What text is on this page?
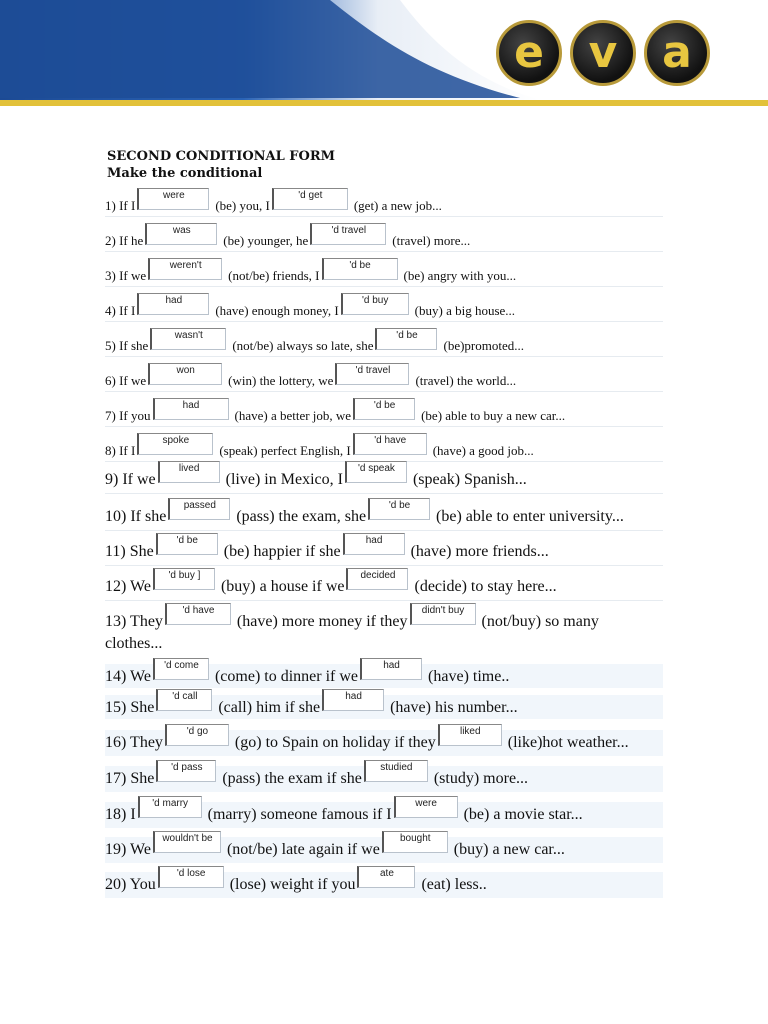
e	v	a
SECOND CONDITIONAL FORM
Make the conditional
1) If I
were
(be) you, I
'd get
(get) a new job...
2) If he
was
(be) younger, he
'd travel
(travel) more...
3) If we
weren't
(not/be) friends, I
'd be
(be) angry with you...
4) If I
had
(have) enough money, I
'd buy
(buy) a big house...
5) If she
wasn't
(not/be) always so late, she
'd be
(be)promoted...
6) If we
won
(win) the lottery, we
'd travel
(travel) the world...
7) If you
had
(have) a better job, we
'd be
(be) able to buy a new car...
8) If I
spoke
(speak) perfect English, I
'd have
(have) a good job...
9) If we
lived
(live) in Mexico, I
'd speak
(speak) Spanish...
10) If she
passed
(pass) the exam, she
'd be
(be) able to enter university...
11) She
'd be
(be) happier if she
had
(have) more friends...
12) We
'd buy ]
(buy) a house if we
decided
(decide) to stay here...
13) They
'd have
(have) more money if they
didn't buy
(not/buy) so many
clothes...
14) We
'd come
(come) to dinner if we
had
(have) time..
15) She
'd call
(call) him if she
had
(have) his number...
16) They
'd go
(go) to Spain on holiday if they
liked
(like)hot weather...
17) She
'd pass
(pass) the exam if she
studied
(study) more...
18) I
'd marry
(marry) someone famous if I
were
(be) a movie star...
19) We
wouldn't be
(not/be) late again if we
bought
(buy) a new car...
20) You
'd lose
(lose) weight if you
ate
(eat) less..
